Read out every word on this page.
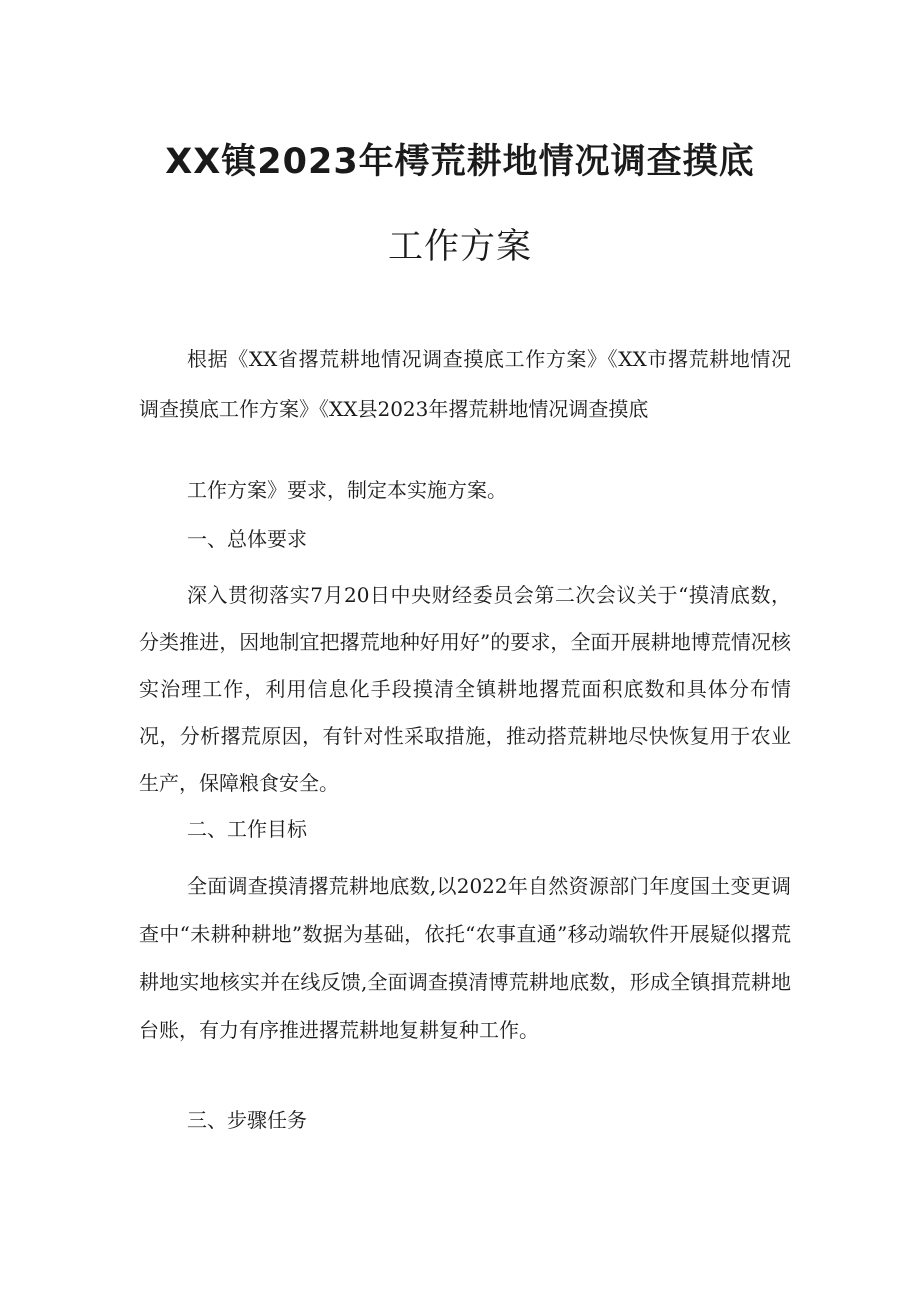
XX镇2023年樗荒耕地情况调查摸底
工作方案
根据《XX省撂荒耕地情况调查摸底工作方案》《XX市撂荒耕地情况调查摸底工作方案》《XX县2023年撂荒耕地情况调查摸底
工作方案》要求，制定本实施方案。
一、总体要求
深入贯彻落实7月20日中央财经委员会第二次会议关于“摸清底数，分类推进，因地制宜把撂荒地种好用好”的要求，全面开展耕地博荒情况核实治理工作，利用信息化手段摸清全镇耕地撂荒面积底数和具体分布情况，分析撂荒原因，有针对性采取措施，推动搭荒耕地尽快恢复用于农业生产，保障粮食安全。
二、工作目标
全面调查摸清撂荒耕地底数,以2022年自然资源部门年度国土变更调查中“未耕种耕地”数据为基础，依托“农事直通”移动端软件开展疑似撂荒耕地实地核实并在线反馈,全面调查摸清博荒耕地底数，形成全镇揖荒耕地台账，有力有序推进撂荒耕地复耕复种工作。
三、步骤任务
